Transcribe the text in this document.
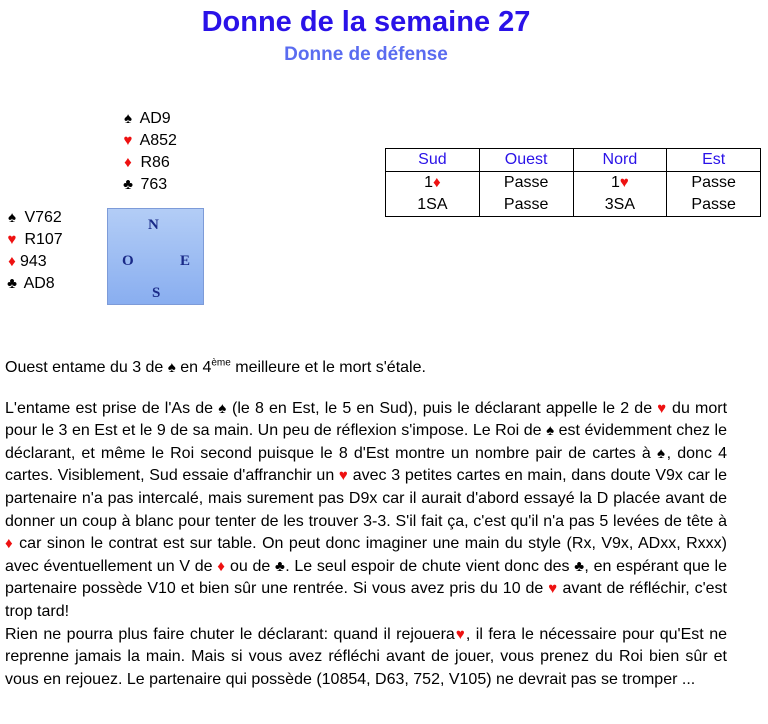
Donne de la semaine 27
Donne de défense
♠ AD9
♥ A852
♦ R86
♣ 763
♠ V762
♥ R107
♦ 943
♣ AD8
N
O	E
S
Sud	Ouest	Nord	Est
1♦	Passe	1♥	Passe
1SA	Passe	3SA	Passe

Ouest entame du 3 de ♠ en 4ème meilleure et le mort s'étale.

L'entame est prise de l'As de ♠ (le 8 en Est, le 5 en Sud), puis le déclarant appelle le 2 de ♥ du mort pour le 3 en Est et le 9 de sa main. Un peu de réflexion s'impose. Le Roi de ♠ est évidemment chez le déclarant, et même le Roi second puisque le 8 d'Est montre un nombre pair de cartes à ♠, donc 4 cartes. Visiblement, Sud essaie d'affranchir un ♥ avec 3 petites cartes en main, dans doute V9x car le partenaire n'a pas intercalé, mais surement pas D9x car il aurait d'abord essayé la D placée avant de donner un coup à blanc pour tenter de les trouver 3-3. S'il fait ça, c'est qu'il n'a pas 5 levées de tête à ♦ car sinon le contrat est sur table. On peut donc imaginer une main du style (Rx, V9x, ADxx, Rxxx) avec éventuellement un V de ♦ ou de ♣. Le seul espoir de chute vient donc des ♣, en espérant que le partenaire possède V10 et bien sûr une rentrée. Si vous avez pris du 10 de ♥ avant de réfléchir, c'est trop tard!

Rien ne pourra plus faire chuter le déclarant: quand il rejouera♥, il fera le nécessaire pour qu'Est ne reprenne jamais la main. Mais si vous avez réfléchi avant de jouer, vous prenez du Roi bien sûr et vous en rejouez. Le partenaire qui possède (10854, D63, 752, V105) ne devrait pas se tromper ...
